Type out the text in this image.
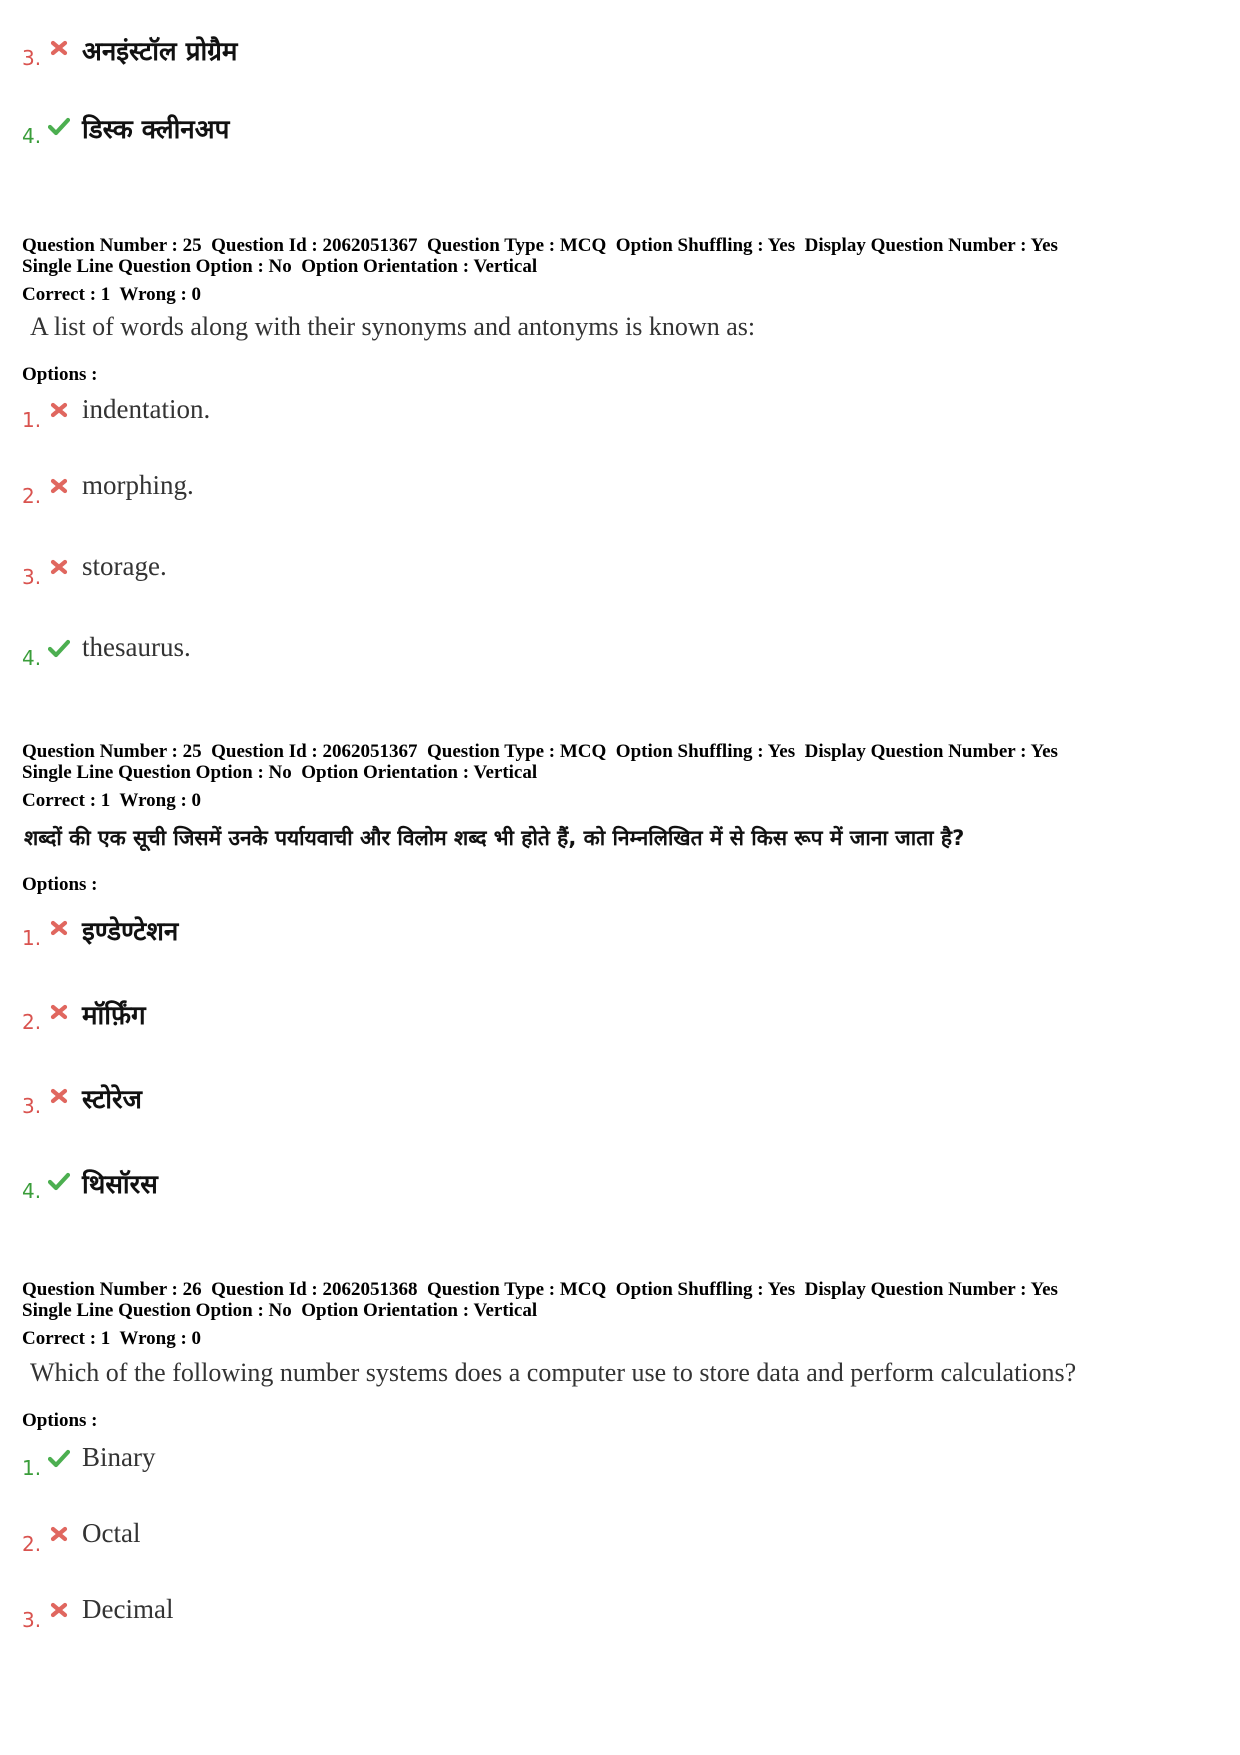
3. अनइंस्टॉल प्रोग्रैम
4. डिस्क क्लीनअप
Question Number : 25  Question Id : 2062051367  Question Type : MCQ  Option Shuffling : Yes  Display Question Number : Yes
Single Line Question Option : No  Option Orientation : Vertical
Correct : 1  Wrong : 0
A list of words along with their synonyms and antonyms is known as:
Options :
1. indentation.
2. morphing.
3. storage.
4. thesaurus.
Question Number : 25  Question Id : 2062051367  Question Type : MCQ  Option Shuffling : Yes  Display Question Number : Yes
Single Line Question Option : No  Option Orientation : Vertical
Correct : 1  Wrong : 0
शब्दों की एक सूची जिसमें उनके पर्यायवाची और विलोम शब्द भी होते हैं, को निम्नलिखित में से किस रूप में जाना जाता है?
Options :
1. इण्डेण्टेशन
2. मॉर्फ़िंग
3. स्टोरेज
4. थिसॉरस
Question Number : 26  Question Id : 2062051368  Question Type : MCQ  Option Shuffling : Yes  Display Question Number : Yes
Single Line Question Option : No  Option Orientation : Vertical
Correct : 1  Wrong : 0
Which of the following number systems does a computer use to store data and perform calculations?
Options :
1. Binary
2. Octal
3. Decimal
